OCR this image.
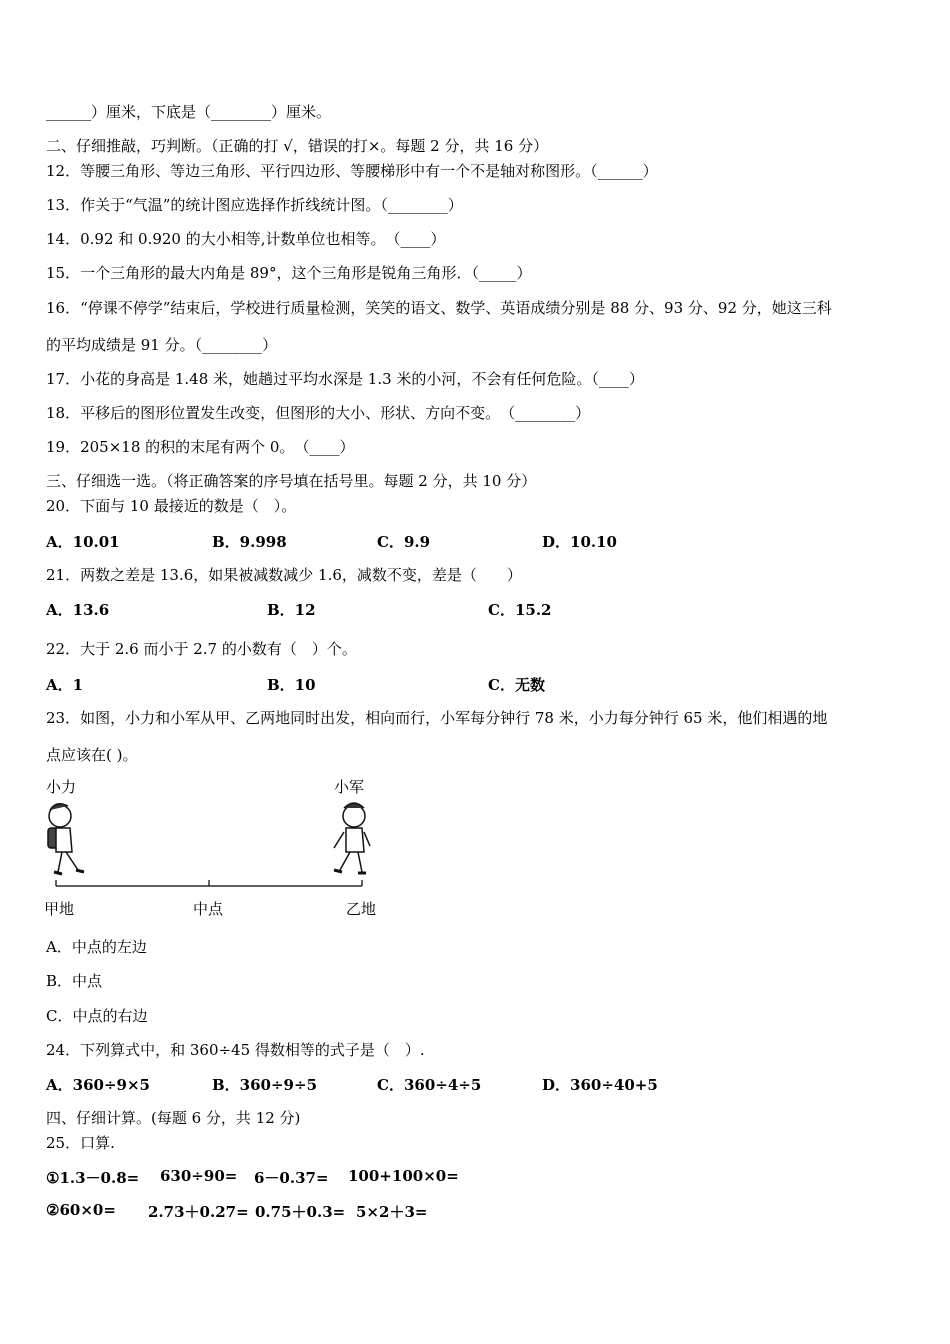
______）厘米，下底是（________）厘米。
二、仔细推敲，巧判断。（正确的打 √，错误的打×。每题 2 分，共 16 分）
12．等腰三角形、等边三角形、平行四边形、等腰梯形中有一个不是轴对称图形。（______）
13．作关于“气温”的统计图应选择作折线统计图。（________）
14．0.92 和 0.920 的大小相等,计数单位也相等。　（____）
15．一个三角形的最大内角是 89°，这个三角形是锐角三角形．（_____）
16．“停课不停学”结束后，学校进行质量检测，笑笑的语文、数学、英语成绩分别是 88 分、93 分、92 分，她这三科
的平均成绩是 91 分。（________）
17．小花的身高是 1.48 米，她趟过平均水深是 1.3 米的小河，不会有任何危险。（____）
18．平移后的图形位置发生改变，但图形的大小、形状、方向不变。　（________）
19．205×18 的积的末尾有两个 0。　（____）
三、仔细选一选。（将正确答案的序号填在括号里。每题 2 分，共 10 分）
20．下面与 10 最接近的数是（　）。
A．10.01	B．9.998	C．9.9	D．10.10
21．两数之差是 13.6，如果被减数减少 1.6，减数不变，差是（　　）
A．13.6	B．12	C．15.2
22．大于 2.6 而小于 2.7 的小数有（　）个。
A．1	B．10	C．无数
23．如图，小力和小军从甲、乙两地同时出发，相向而行，小军每分钟行 78 米，小力每分钟行 65 米，他们相遇的地
点应该在( )。
小力	小军
甲地	中点	乙地
A．中点的左边
B．中点
C．中点的右边
24．下列算式中，和 360÷45 得数相等的式子是（　）.
A．360÷9×5	B．360÷9÷5	C．360÷4÷5	D．360÷40+5
四、仔细计算。(每题 6 分，共 12 分)
25．口算.
①1.3－0.8= 630÷90= 6－0.37= 100+100×0=
②60×0= 2.73＋0.27= 0.75＋0.3= 5×2＋3=
